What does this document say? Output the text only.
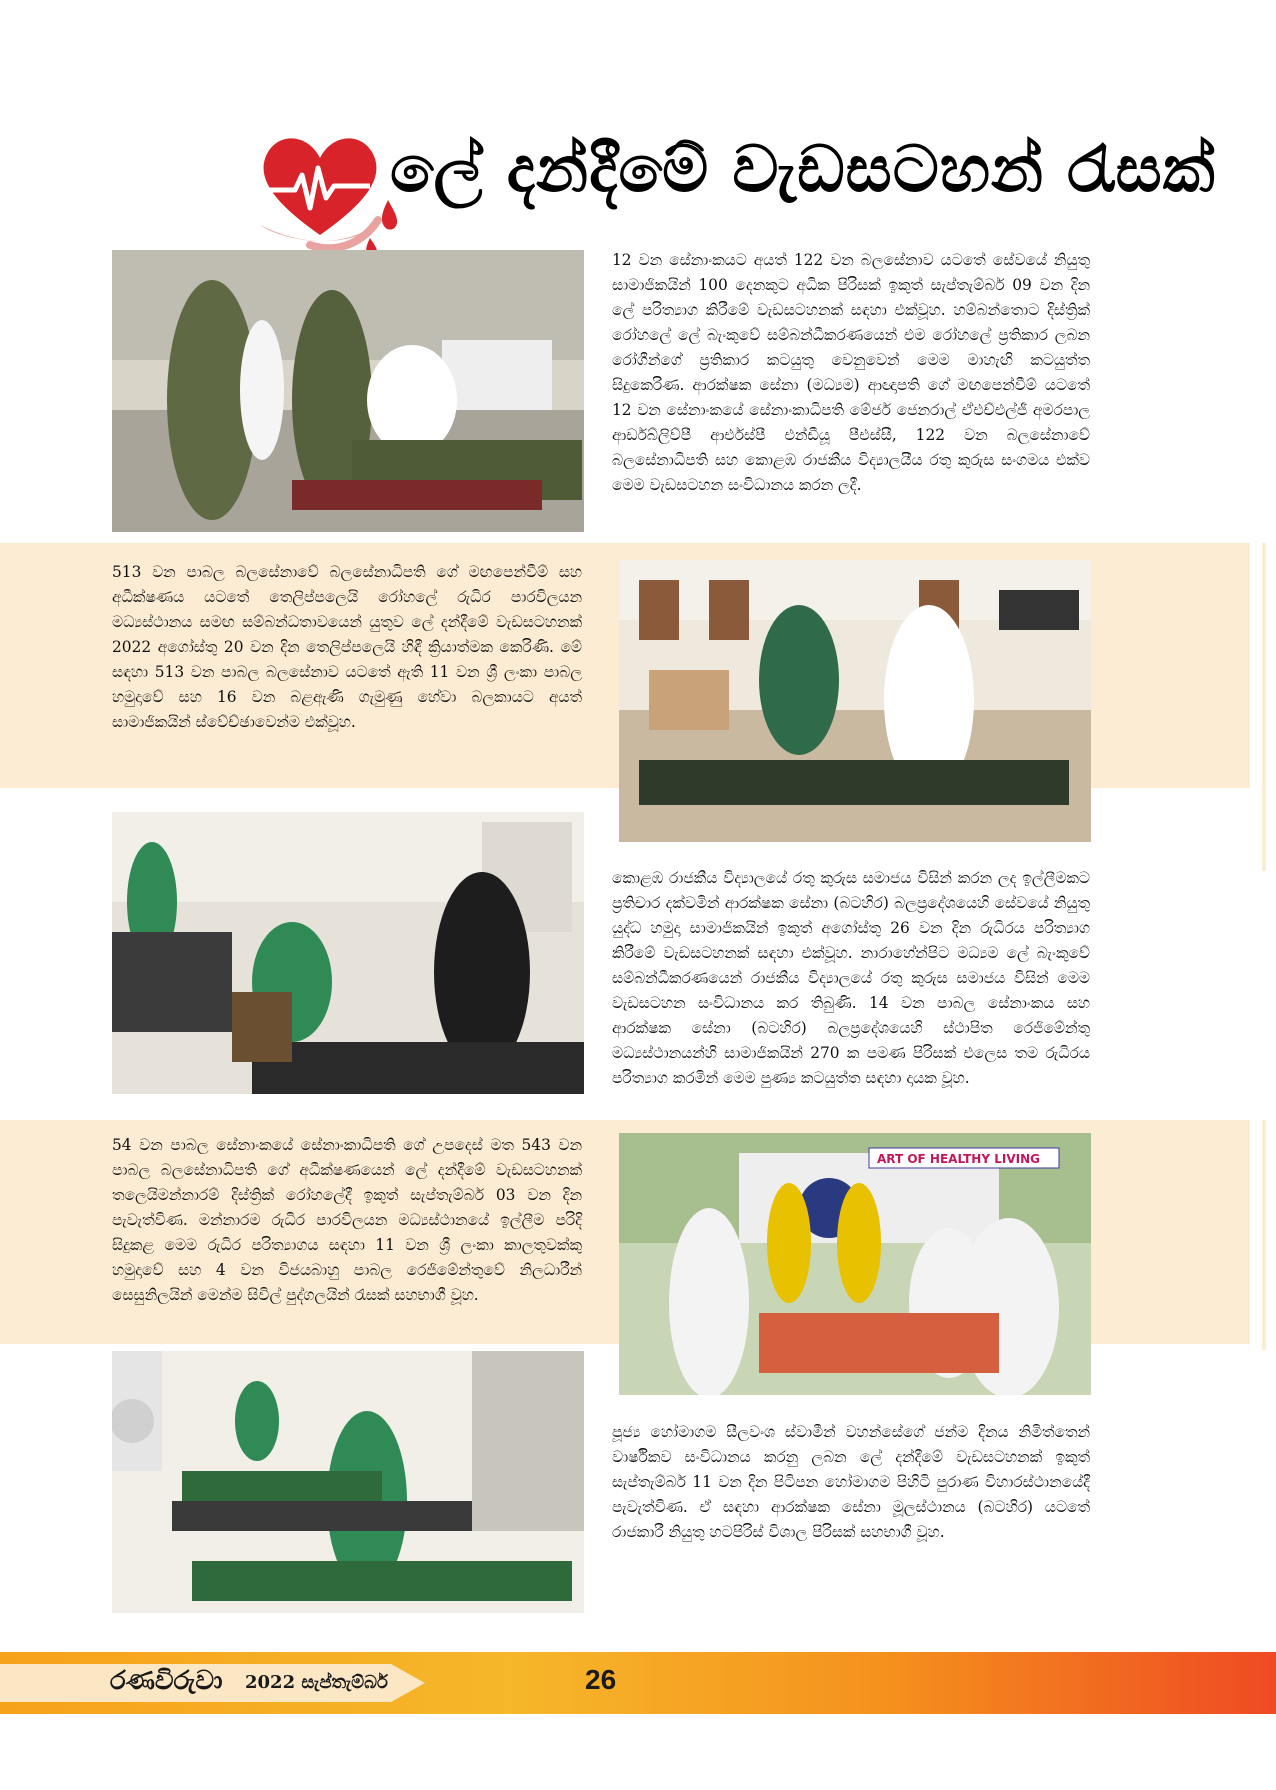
ලේ දන්දීමේ වැඩසටහන් රැසක්
ART OF HEALTHY LIVING

12 වන සේනාංකයට අයත් 122 වන බලසේනාව යටතේ සේවයේ නියුතු සාමාජිකයින් 100 දෙනකුට අධික පිරිසක් ඉකුත් සැප්තැම්බර් 09 වන දින ලේ පරිත්‍යාග කිරීමේ වැඩසටහනක් සඳහා එක්වූහ. හම්බන්තොට දිස්ත්‍රික් රෝහලේ ලේ බැංකුවේ සම්බන්ධීකරණයෙන් එම රෝහලේ ප්‍රතිකාර ලබන රෝගීන්ගේ ප්‍රතිකාර කටයුතු වෙනුවෙන් මෙම මාහැඟි කටයුත්ත සිදුකෙරිණ. ආරක්ෂක සේනා (මධ්‍යම) ආඥාපති ගේ මඟපෙන්වීම් යටතේ 12 වන සේනාංකයේ සේනාංකාධිපති මේජර් ජෙනරාල් ඒඑච්එල්ජී අමරපාල ආර්ඩබ්ලිව්පී ආර්එස්පී එන්ඩීයූ පීඑස්සී, 122 වන බලසේනාවේ බලසේනාධිපති සහ කොළඹ රාජකීය විද්‍යාලයීය රතු කුරුස සංගමය එක්ව මෙම වැඩසටහන සංවිධානය කරන ලදී.

513 වන පාබල බලසේනාවේ බලසේනාධිපති ගේ මඟපෙන්වීම් සහ අධීක්ෂණය යටතේ තෙලිප්පලෙයි රෝහලේ රුධිර පාරවිලයන මධ්‍යස්ථානය සමඟ සම්බන්ධතාවයෙන් යුතුව ලේ දන්දීමේ වැඩසටහනක් 2022 අගෝස්තු 20 වන දින තෙලිප්පලෙයි හිඳී ක්‍රියාත්මක කෙරිණි. මේ සඳහා 513 වන පාබල බලසේනාව යටතේ ඇති 11 වන ශ්‍රී ලංකා පාබල හමුදාවේ සහ 16 වන බළඇණි ගැමුණු හේවා බලකායට අයත් සාමාජිකයින් ස්වේච්ඡාවෙන්ම එක්වූහ.

කොළඹ රාජකීය විද්‍යාලයේ රතු කුරුස සමාජය විසින් කරන ලද ඉල්ලීමකට ප්‍රතිචාර දක්වමින් ආරක්ෂක සේනා (බටහිර) බලප්‍රදේශයෙහි සේවයේ නියුතු යුද්ධ හමුදා සාමාජිකයින් ඉකුත් අගෝස්තු 26 වන දින රුධිරය පරිත්‍යාග කිරීමේ වැඩසටහනක් සඳහා එක්වූහ. නාරාහේන්පිට මධ්‍යම ලේ බැංකුවේ සම්බන්ධීකරණයෙන් රාජකීය විද්‍යාලයේ රතු කුරුස සමාජය විසින් මෙම වැඩසටහන සංවිධානය කර තිබුණි. 14 වන පාබල සේනාංකය සහ ආරක්ෂක සේනා (බටහිර) බලප්‍රදේශයෙහි ස්ථාපිත රෙජිමේන්තු මධ්‍යස්ථානයන්හි සාමාජිකයින් 270 ක පමණ පිරිසක් එලෙස තම රුධිරය පරිත්‍යාග කරමින් මෙම පුණ්‍ය කටයුත්ත සඳහා දායක වූහ.

54 වන පාබල සේනාංකයේ සේනාංකාධිපති ගේ උපදෙස් මත 543 වන පාබල බලසේනාධිපති ගේ අධීක්ෂණයෙන් ලේ දන්දීමේ වැඩසටහනක් තලෙයිමන්නාරම් දිස්ත්‍රික් රෝහලේදී ඉකුත් සැප්තැම්බර් 03 වන දින පැවැත්විණ. මන්නාරම රුධිර පාරවිලයන මධ්‍යස්ථානයේ ඉල්ලීම පරිදි සිදුකළ මෙම රුධිර පරිත්‍යාගය සඳහා 11 වන ශ්‍රී ලංකා කාලතුවක්කු හමුදාවේ සහ 4 වන විජයබාහු පාබල රෙජිමේන්තුවේ නිලධාරීන් සෙසුනිලයින් මෙන්ම සිවිල් පුද්ගලයින් රැසක් සහභාගී වූහ.

පූජ්‍ය හෝමාගම සීලවංශ ස්වාමීන් වහන්සේගේ ජන්ම දිනය නිමිත්තෙන් වාර්ෂිකව සංවිධානය කරනු ලබන ලේ දන්දීමේ වැඩසටහනක් ඉකුත් සැප්තැම්බර් 11 වන දින පිටිපන හෝමාගම පිහිටි පුරාණ විහාරස්ථානයේදී පැවැත්විණ. ඒ සඳහා ආරක්ෂක සේනා මූලස්ථානය (බටහිර) යටතේ රාජකාරී නියුතු හටපිරිස් විශාල පිරිසක් සහභාගී වූහ.

රණවිරුවා 2022 සැප්තැම්බර්	26
